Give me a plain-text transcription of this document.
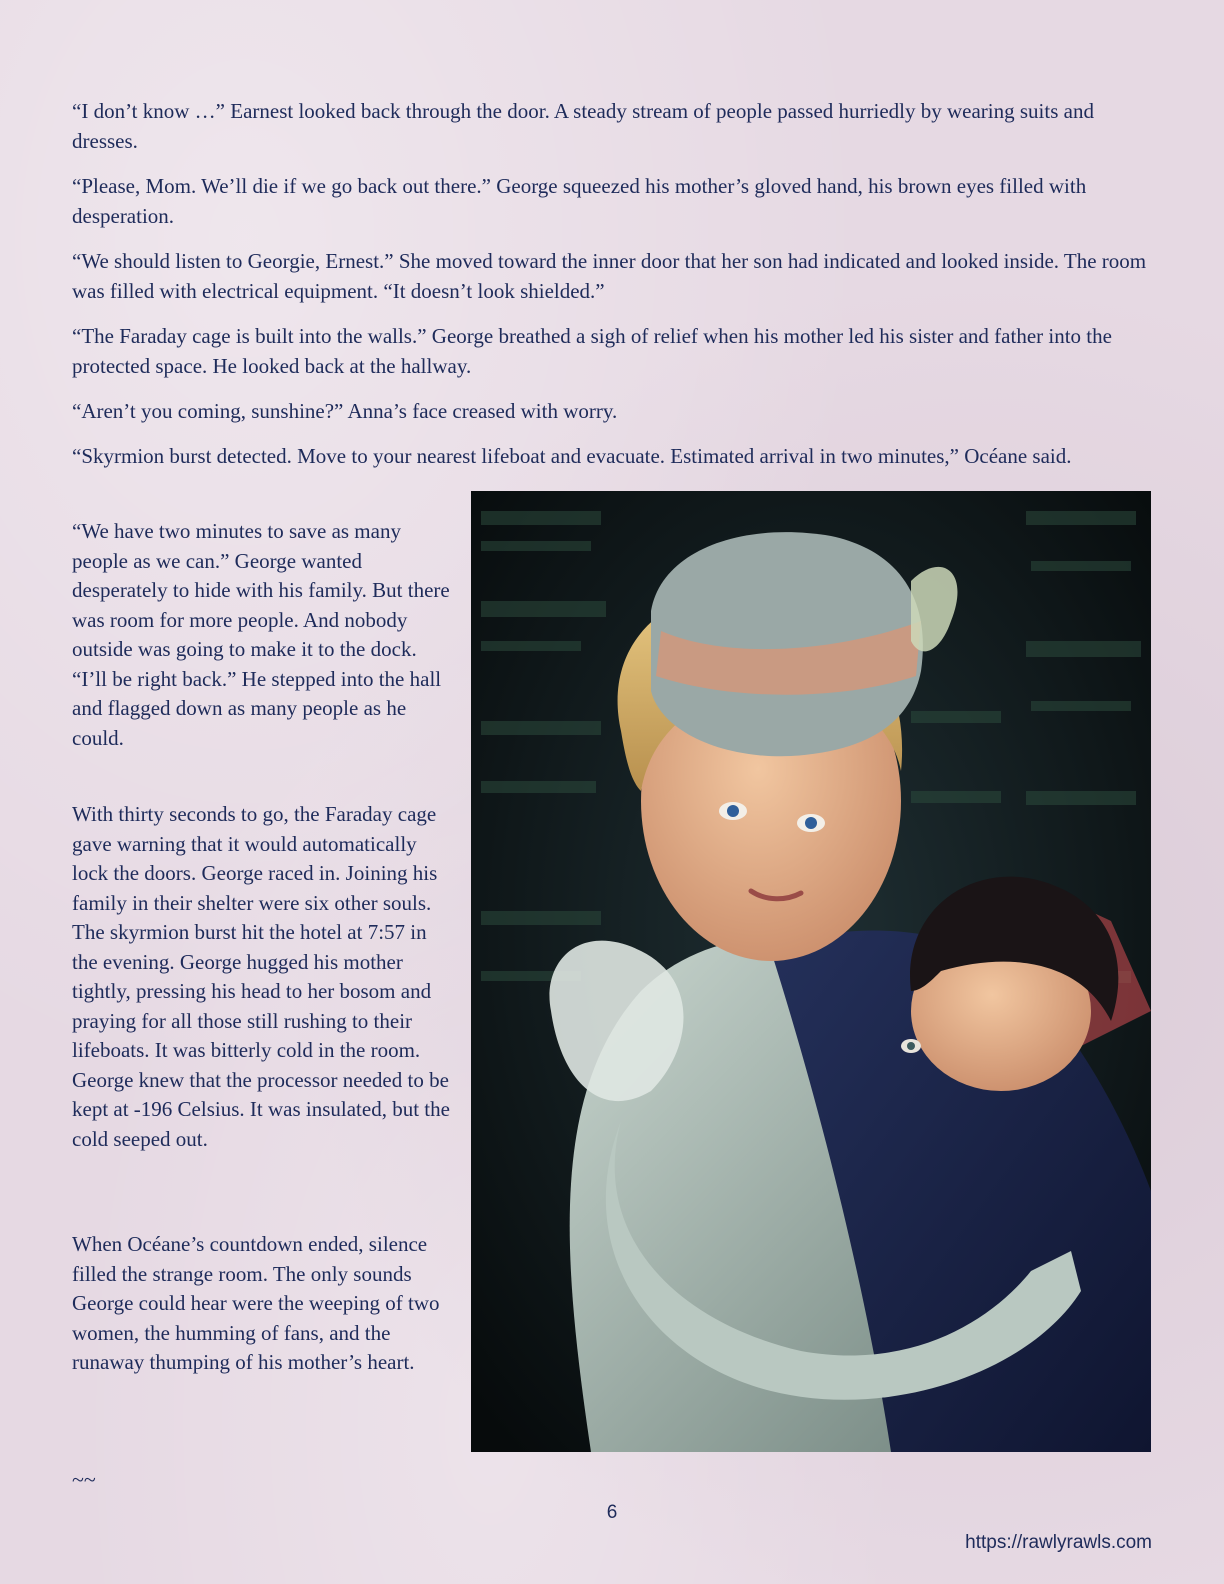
“I don’t know …” Earnest looked back through the door. A steady stream of people passed hurriedly by wearing suits and dresses.

“Please, Mom. We’ll die if we go back out there.” George squeezed his mother’s gloved hand, his brown eyes filled with desperation.

“We should listen to Georgie, Ernest.” She moved toward the inner door that her son had indicated and looked inside. The room was filled with electrical equipment. “It doesn’t look shielded.”

“The Faraday cage is built into the walls.” George breathed a sigh of relief when his mother led his sister and father into the protected space. He looked back at the hallway.

“Aren’t you coming, sunshine?” Anna’s face creased with worry.

“Skyrmion burst detected. Move to your nearest lifeboat and evacuate. Estimated arrival in two minutes,” Océane said.

“We have two minutes to save as many people as we can.” George wanted desperately to hide with his family. But there was room for more people. And nobody outside was going to make it to the dock. “I’ll be right back.” He stepped into the hall and flagged down as many people as he could.

With thirty seconds to go, the Faraday cage gave warning that it would automatically lock the doors. George raced in. Joining his family in their shelter were six other souls. The skyrmion burst hit the hotel at 7:57 in the evening. George hugged his mother tightly, pressing his head to her bosom and praying for all those still rushing to their lifeboats. It was bitterly cold in the room. George knew that the processor needed to be kept at -196 Celsius. It was insulated, but the cold seeped out.

When Océane’s countdown ended, silence filled the strange room. The only sounds George could hear were the weeping of two women, the humming of fans, and the runaway thumping of his mother’s heart.

~~

6

https://rawlyrawls.com
